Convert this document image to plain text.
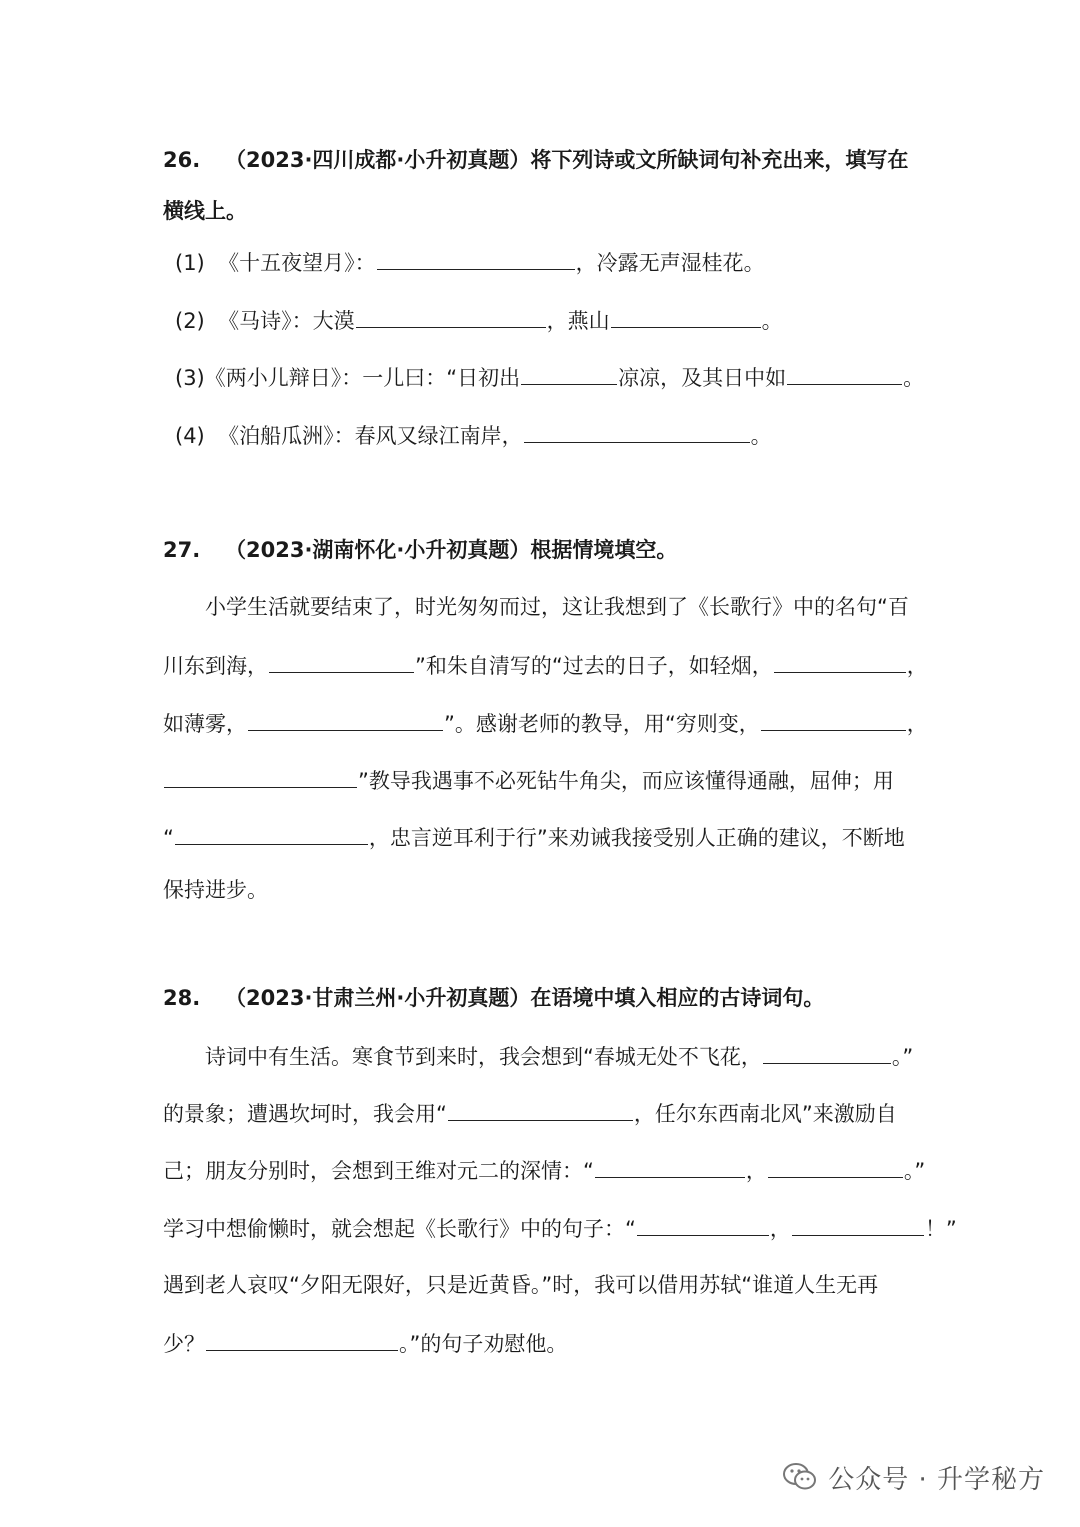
26. （2023·四川成都·小升初真题）将下列诗或文所缺词句补充出来，填写在
横线上。
(1) 《十五夜望月》：	，冷露无声湿桂花。
(2) 《马诗》：大漠	，燕山	。
(3)《两小儿辩日》：一儿曰：“日初出	凉凉，及其日中如	。
(4) 《泊船瓜洲》：春风又绿江南岸，	。
27. （2023·湖南怀化·小升初真题）根据情境填空。
小学生活就要结束了，时光匆匆而过，这让我想到了《长歌行》中的名句“百
川东到海，	”和朱自清写的“过去的日子，如轻烟，	，
如薄雾，	”。感谢老师的教导，用“穷则变，	，
”教导我遇事不必死钻牛角尖，而应该懂得通融，屈伸；用
“	，忠言逆耳利于行”来劝诫我接受别人正确的建议，不断地
保持进步。
28. （2023·甘肃兰州·小升初真题）在语境中填入相应的古诗词句。
诗词中有生活。寒食节到来时，我会想到“春城无处不飞花，	。”
的景象；遭遇坎坷时，我会用“	，任尔东西南北风”来激励自
己；朋友分别时，会想到王维对元二的深情：“	，	。”
学习中想偷懒时，就会想起《长歌行》中的句子：“	，	！”
遇到老人哀叹“夕阳无限好，只是近黄昏。”时，我可以借用苏轼“谁道人生无再
少？	。”的句子劝慰他。
公众号 · 升学秘方
